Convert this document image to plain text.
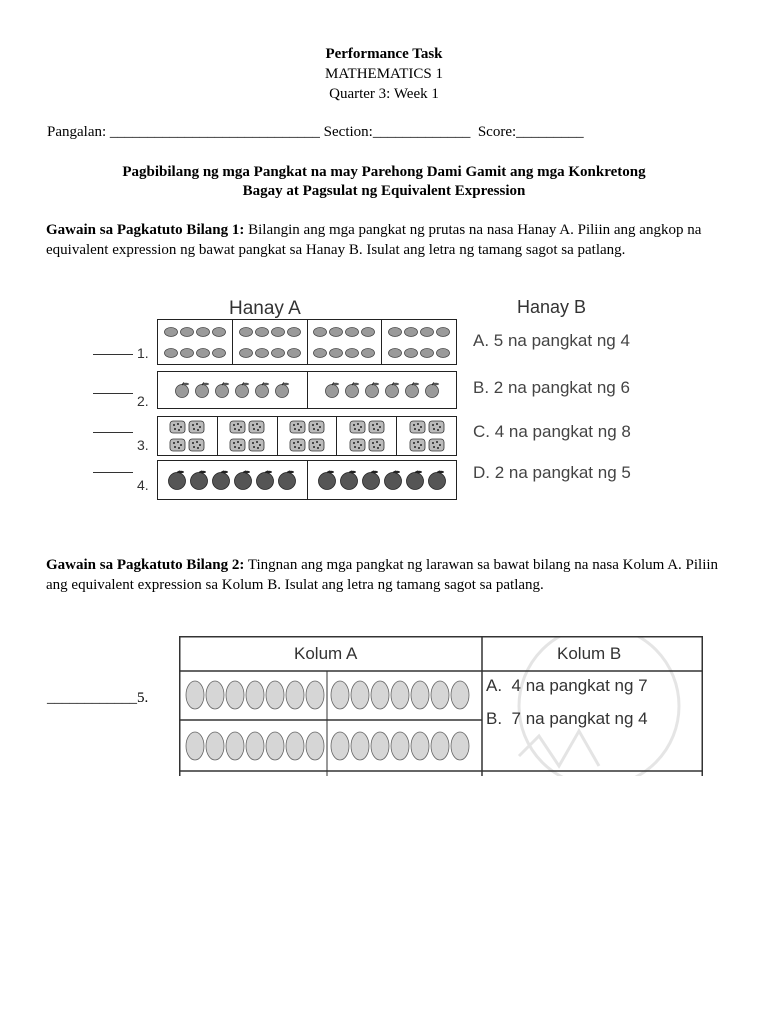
Performance Task
MATHEMATICS 1
Quarter 3: Week 1
Pangalan: ____________________________ Section:_____________ Score:_________
Pagbibilang ng mga Pangkat na may Parehong Dami Gamit ang mga Konkretong
Bagay at Pagsulat ng Equivalent Expression
Gawain sa Pagkatuto Bilang 1: Bilangin ang mga pangkat ng prutas na nasa Hanay A. Piliin ang angkop na equivalent expression ng bawat pangkat sa Hanay B. Isulat ang letra ng tamang sagot sa patlang.
Hanay A	Hanay B
1.
2.
3.
4.
A. 5 na pangkat ng 4
B. 2 na pangkat ng 6
C. 4 na pangkat ng 8
D. 2 na pangkat ng 5
Gawain sa Pagkatuto Bilang 2: Tingnan ang mga pangkat ng larawan sa bawat bilang na nasa Kolum A. Piliin ang equivalent expression sa Kolum B. Isulat ang letra ng tamang sagot sa patlang.
____________5.
Kolum A	Kolum B
A. 4 na pangkat ng 7
B. 7 na pangkat ng 4
